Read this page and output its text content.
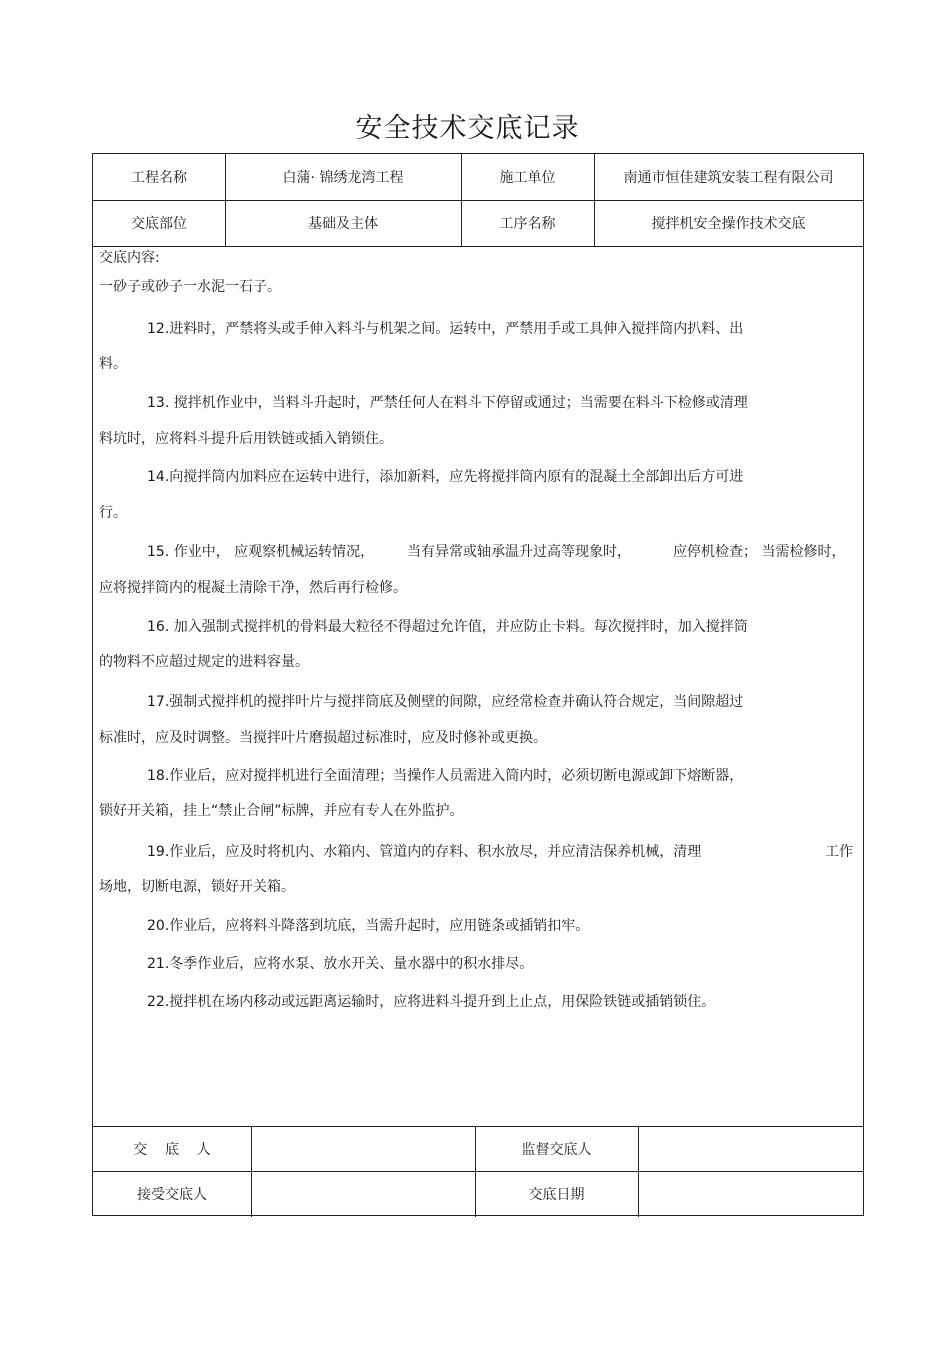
安全技术交底记录
工程名称	白蒲· 锦绣龙湾工程	施工单位	南通市恒佳建筑安装工程有限公司
交底部位	基础及主体	工序名称	搅拌机安全操作技术交底
交底内容:
一砂子或砂子一水泥一石子。
12.进料时，严禁将头或手伸入料斗与机架之间。运转中，严禁用手或工具伸入搅拌筒内扒料、出
料。
13. 搅拌机作业中，当料斗升起时，严禁任何人在料斗下停留或通过；当需要在料斗下检修或清理
料坑时，应将料斗提升后用铁链或插入销锁住。
14.向搅拌筒内加料应在运转中进行，添加新料，应先将搅拌筒内原有的混凝土全部卸出后方可进
行。
15. 作业中， 应观察机械运转情况， 当有异常或轴承温升过高等现象时，	应停机检查； 当需检修时，
应将搅拌筒内的棍凝土清除干净，然后再行检修。
16. 加入强制式搅拌机的骨料最大粒径不得超过允许值，并应防止卡料。每次搅拌时，加入搅拌筒
的物料不应超过规定的进料容量。
17.强制式搅拌机的搅拌叶片与搅拌筒底及侧壁的间隙，应经常检查并确认符合规定，当间隙超过
标准时，应及时调整。当搅拌叶片磨损超过标准时，应及时修补或更换。
18.作业后，应对搅拌机进行全面清理；当操作人员需进入筒内时，必须切断电源或卸下熔断器，
锁好开关箱，挂上“禁止合闸”标牌，并应有专人在外监护。
19.作业后，应及时将机内、水箱内、管道内的存料、积水放尽，并应清洁保养机械，清理	工作
场地，切断电源，锁好开关箱。
20.作业后，应将料斗降落到坑底，当需升起时，应用链条或插销扣牢。
21.冬季作业后，应将水泵、放水开关、量水器中的积水排尽。
22.搅拌机在场内移动或远距离运输时，应将进料斗提升到上止点，用保险铁链或插销锁住。
交    底    人	监督交底人
接受交底人	交底日期
